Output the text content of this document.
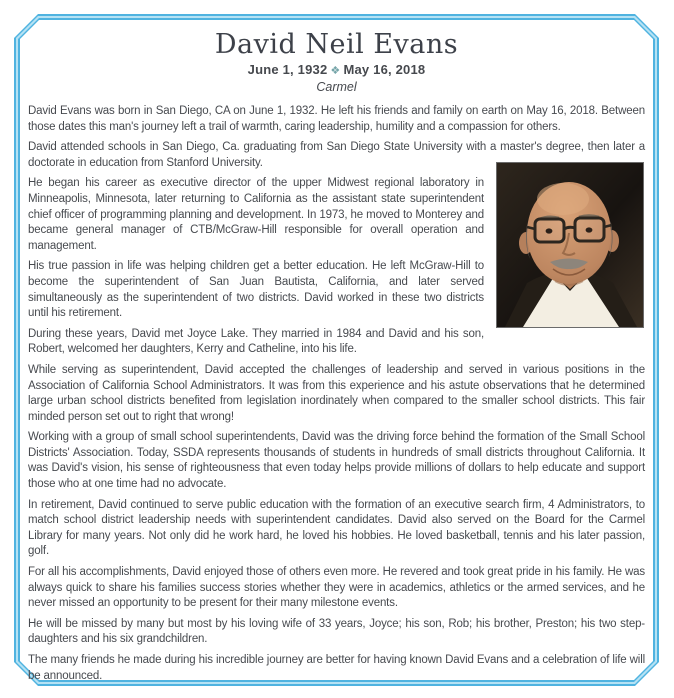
David Neil Evans
June 1, 1932 ❖ May 16, 2018
Carmel

David Evans was born in San Diego, CA on June 1, 1932. He left his friends and family on earth on May 16, 2018. Between those dates this man's journey left a trail of warmth, caring leadership, humility and a compassion for others.

David attended schools in San Diego, Ca. graduating from San Diego State University with a master's degree, then later a doctorate in education from Stanford University.

He began his career as executive director of the upper Midwest regional laboratory in Minneapolis, Minnesota, later returning to California as the assistant state superintendent chief officer of programming planning and development. In 1973, he moved to Monterey and became general manager of CTB/McGraw-Hill responsible for overall operation and management.

His true passion in life was helping children get a better education. He left McGraw-Hill to become the superintendent of San Juan Bautista, California, and later served simultaneously as the superintendent of two districts. David worked in these two districts until his retirement.

During these years, David met Joyce Lake. They married in 1984 and David and his son, Robert, welcomed her daughters, Kerry and Catheline, into his life.

While serving as superintendent, David accepted the challenges of leadership and served in various positions in the Association of California School Administrators. It was from this experience and his astute observations that he determined large urban school districts benefited from legislation inordinately when compared to the smaller school districts. This fair minded person set out to right that wrong!

Working with a group of small school superintendents, David was the driving force behind the formation of the Small School Districts' Association. Today, SSDA represents thousands of students in hundreds of small districts throughout California. It was David's vision, his sense of righteousness that even today helps provide millions of dollars to help educate and support those who at one time had no advocate.

In retirement, David continued to serve public education with the formation of an executive search firm, 4 Administrators, to match school district leadership needs with superintendent candidates. David also served on the Board for the Carmel Library for many years. Not only did he work hard, he loved his hobbies. He loved basketball, tennis and his later passion, golf.

For all his accomplishments, David enjoyed those of others even more. He revered and took great pride in his family. He was always quick to share his families success stories whether they were in academics, athletics or the armed services, and he never missed an opportunity to be present for their many milestone events.

He will be missed by many but most by his loving wife of 33 years, Joyce; his son, Rob; his brother, Preston; his two step-daughters and his six grandchildren.

The many friends he made during his incredible journey are better for having known David Evans and a celebration of life will be announced.
